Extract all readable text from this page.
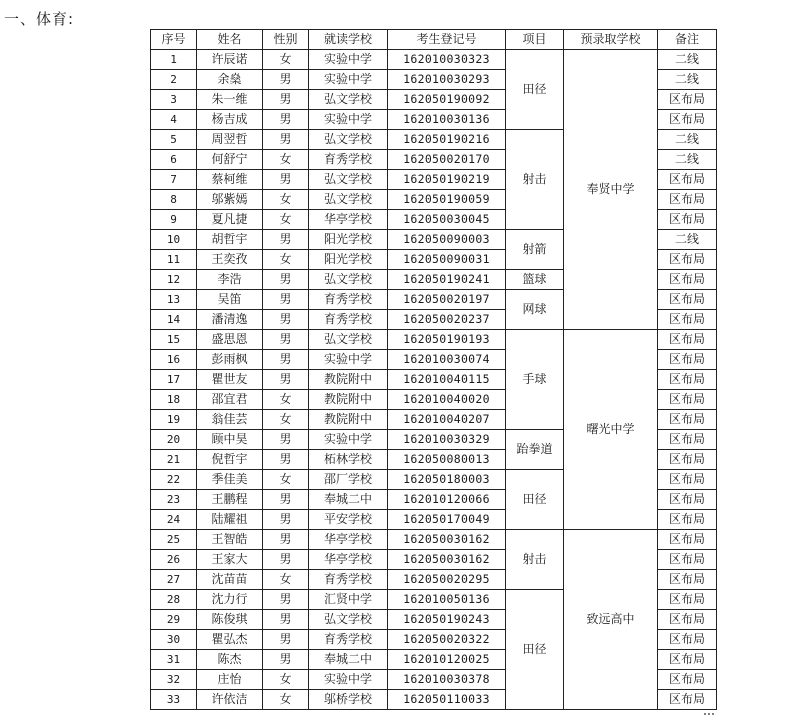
一、体育:
序号	姓名	性别	就读学校	考生登记号	项目	预录取学校	备注
1	许辰诺	女	实验中学	162010030323	田径	奉贤中学	二线
2	余燊	男	实验中学	162010030293			二线
3	朱一维	男	弘文学校	162050190092			区布局
4	杨吉成	男	实验中学	162010030136			区布局
5	周翌哲	男	弘文学校	162050190216	射击		二线
6	何舒宁	女	育秀学校	162050020170			二线
7	蔡柯维	男	弘文学校	162050190219			区布局
8	邬紫嫣	女	弘文学校	162050190059			区布局
9	夏凡捷	女	华亭学校	162050030045			区布局
10	胡哲宇	男	阳光学校	162050090003	射箭		二线
11	王奕孜	女	阳光学校	162050090031			区布局
12	李浩	男	弘文学校	162050190241	篮球		区布局
13	吴笛	男	育秀学校	162050020197	网球		区布局
14	潘清逸	男	育秀学校	162050020237			区布局
15	盛思恩	男	弘文学校	162050190193	手球	曙光中学	区布局
16	彭雨枫	男	实验中学	162010030074			区布局
17	瞿世友	男	教院附中	162010040115			区布局
18	邵宜君	女	教院附中	162010040020			区布局
19	翁佳芸	女	教院附中	162010040207			区布局
20	顾中昊	男	实验中学	162010030329	跆拳道		区布局
21	倪哲宇	男	柘林学校	162050080013			区布局
22	季佳美	女	邵厂学校	162050180003	田径		区布局
23	王鹏程	男	奉城二中	162010120066			区布局
24	陆耀祖	男	平安学校	162050170049			区布局
25	王智皓	男	华亭学校	162050030162	射击	致远高中	区布局
26	王家大	男	华亭学校	162050030162			区布局
27	沈苗苗	女	育秀学校	162050020295			区布局
28	沈力行	男	汇贤中学	162010050136	田径		区布局
29	陈俊琪	男	弘文学校	162050190243			区布局
30	瞿弘杰	男	育秀学校	162050020322			区布局
31	陈杰	男	奉城二中	162010120025			区布局
32	庄怡	女	实验中学	162010030378			区布局
33	许依洁	女	邬桥学校	162050110033			区布局
